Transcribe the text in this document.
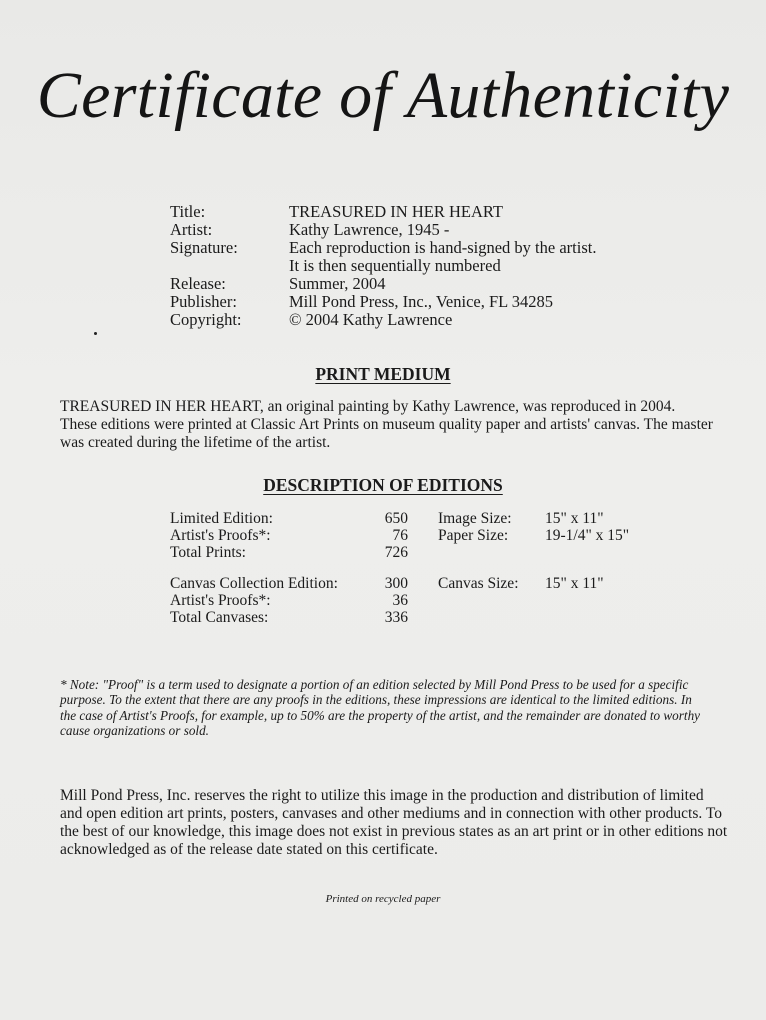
Certificate of Authenticity
Title:	TREASURED IN HER HEART
Artist:	Kathy Lawrence, 1945 -
Signature:	Each reproduction is hand-signed by the artist.
It is then sequentially numbered

Release:	Summer, 2004
Publisher:	Mill Pond Press, Inc., Venice, FL 34285
Copyright:	© 2004 Kathy Lawrence
PRINT MEDIUM
TREASURED IN HER HEART, an original painting by Kathy Lawrence, was reproduced in 2004. These editions were printed at Classic Art Prints on museum quality paper and artists' canvas. The master was created during the lifetime of the artist.
DESCRIPTION OF EDITIONS
Limited Edition:	650	Image Size:	15" x 11"
Artist's Proofs*:	76	Paper Size:	19-1/4" x 15"
Total Prints:	726		
Canvas Collection Edition:	300	Canvas Size:	15" x 11"
Artist's Proofs*:	36		
Total Canvases:	336		
* Note: "Proof" is a term used to designate a portion of an edition selected by Mill Pond Press to be used for a specific purpose. To the extent that there are any proofs in the editions, these impressions are identical to the limited editions. In the case of Artist's Proofs, for example, up to 50% are the property of the artist, and the remainder are donated to worthy cause organizations or sold.
Mill Pond Press, Inc. reserves the right to utilize this image in the production and distribution of limited and open edition art prints, posters, canvases and other mediums and in connection with other products. To the best of our knowledge, this image does not exist in previous states as an art print or in other editions not acknowledged as of the release date stated on this certificate.
Printed on recycled paper
